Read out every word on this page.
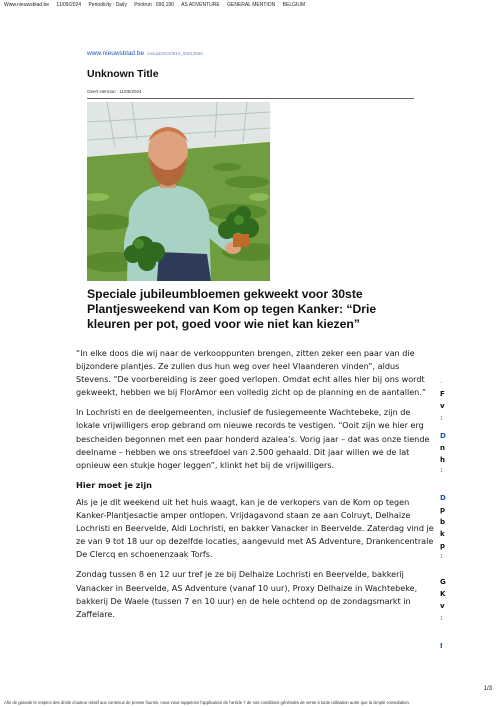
Www.nieuwsblad.be 11/09/2024 Periodicity : Daily Printrun : 690,190 AS ADVENTURE GENERAL MENTION BELGIUM
www.nieuwsblad.be /uniqid20240910_96013560
Unknown Title
Geert Herman : 11/09/2024
Speciale jubileumbloemen gekweekt voor 30ste Plantjesweekend van Kom op tegen Kanker: “Drie kleuren per pot, goed voor wie niet kan kiezen”

“In elke doos die wij naar de verkooppunten brengen, zitten zeker een paar van die bijzondere plantjes. Ze zullen dus hun weg over heel Vlaanderen vinden”, aldus Stevens. “De voorbereiding is zeer goed verlopen. Omdat echt alles hier bij ons wordt gekweekt, hebben we bij FlorAmor een volledig zicht op de planning en de aantallen.”

In Lochristi en de deelgemeenten, inclusief de fusiegemeente Wachtebeke, zijn de lokale vrijwilligers erop gebrand om nieuwe records te vestigen. “Ooit zijn we hier erg bescheiden begonnen met een paar honderd azalea’s. Vorig jaar – dat was onze tiende deelname – hebben we ons streefdoel van 2.500 gehaald. Dit jaar willen we de lat opnieuw een stukje hoger leggen”, klinkt het bij de vrijwilligers.

Hier moet je zijn

Als je je dit weekend uit het huis waagt, kan je de verkopers van de Kom op tegen Kanker-Plantjesactie amper ontlopen. Vrijdagavond staan ze aan Colruyt, Delhaize Lochristi en Beervelde, Aldi Lochristi, en bakker Vanacker in Beervelde. Zaterdag vind je ze van 9 tot 18 uur op dezelfde locaties, aangevuld met AS Adventure, Drankencentrale De Clercq en schoenenzaak Torfs.

Zondag tussen 8 en 12 uur tref je ze bij Delhaize Lochristi en Beervelde, bakkerij Vanacker in Beervelde, AS Adventure (vanaf 10 uur), Proxy Delhaize in Wachtebeke, bakkerij De Waele (tussen 7 en 10 uur) en de hele ochtend op de zondagsmarkt in Zaffelare.

–
F
v
1
D
n
h
1
D
p
b
k
p
1
G
K
v
1
I
1/3
Afin de garantir le respect des droits d’auteur relatif aux contenus de presse fournis, nous vous rappelons l’application de l’article 7 de nos conditions générales de vente à toute utilisation autre que la simple consultation.
